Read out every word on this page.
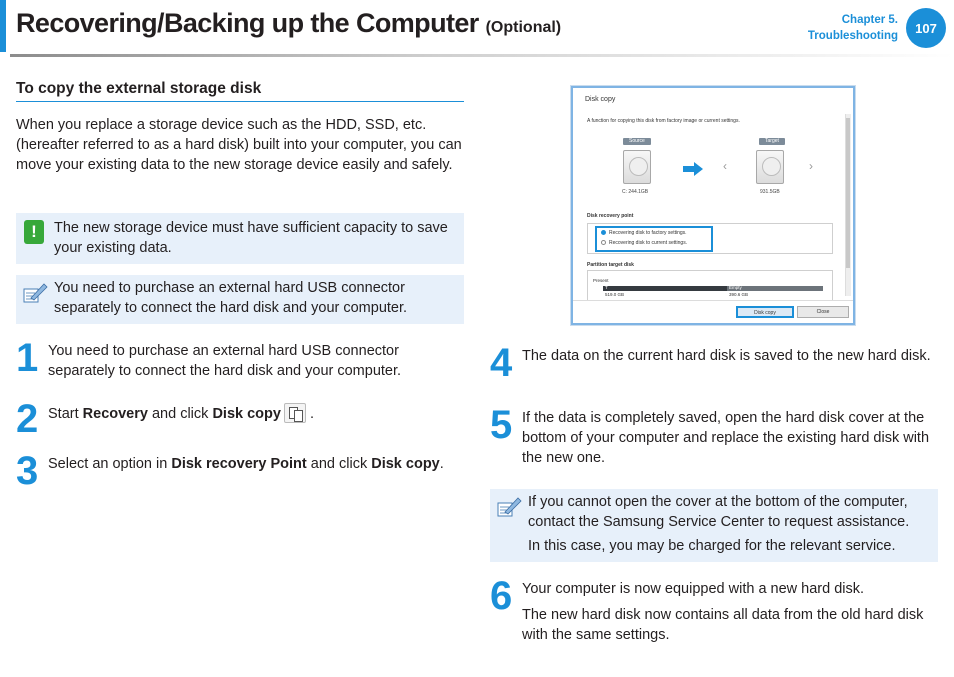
Recovering/Backing up the Computer (Optional)	Chapter 5.
Troubleshooting
107
To copy the external storage disk
When you replace a storage device such as the HDD, SSD, etc. (hereafter referred to as a hard disk) built into your computer, you can move your existing data to the new storage device easily and safely.
!	The new storage device must have sufficient capacity to save your existing data.
You need to purchase an external hard USB connector separately to connect the hard disk and your computer.
1 You need to purchase an external hard USB connector separately to connect the hard disk and your computer.
2 Start Recovery and click Disk copy .
3 Select an option in Disk recovery Point and click Disk copy.
Disk copy
A function for copying this disk from factory image or current settings.
Source
C: 244.1GB
‹
Target
931.5GB
›
Disk recovery point
Recovering disk to factory settings.
Recovering disk to current settings.
Partition target disk
Present
T	Empty
519.0 GB	390.6 GB
Disk copy	Close
4 The data on the current hard disk is saved to the new hard disk.
5 If the data is completely saved, open the hard disk cover at the bottom of your computer and replace the existing hard disk with the new one.
If you cannot open the cover at the bottom of the computer, contact the Samsung Service Center to request assistance.
In this case, you may be charged for the relevant service.
6 Your computer is now equipped with a new hard disk.
The new hard disk now contains all data from the old hard disk with the same settings.
